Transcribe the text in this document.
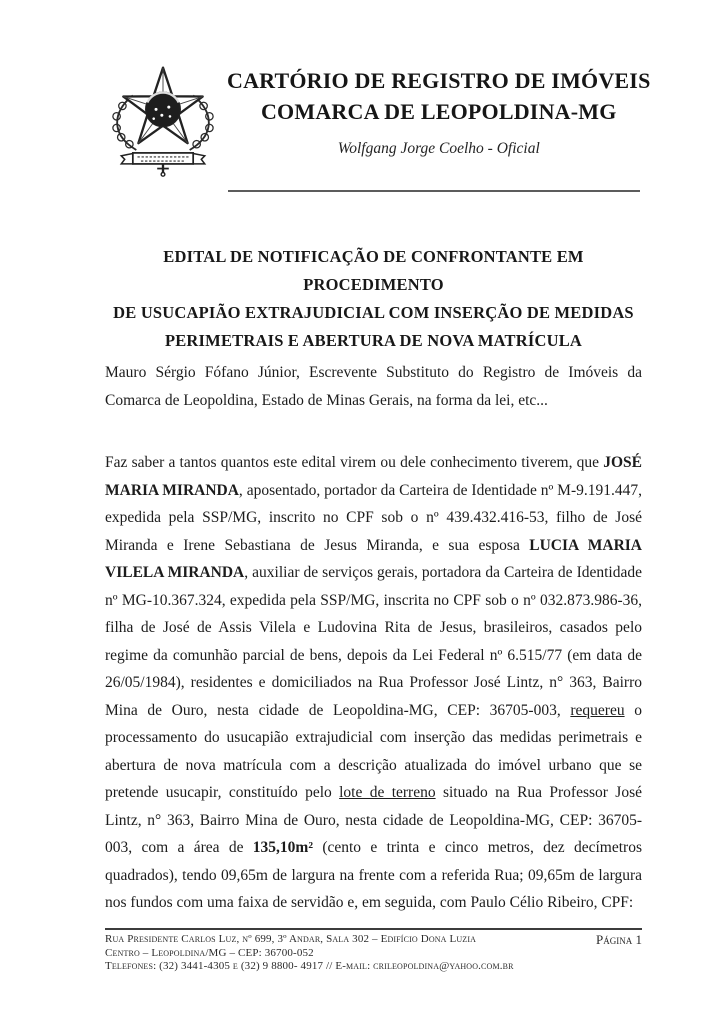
CARTÓRIO DE REGISTRO DE IMÓVEIS
COMARCA DE LEOPOLDINA-MG
Wolfgang Jorge Coelho - Oficial
EDITAL DE NOTIFICAÇÃO DE CONFRONTANTE EM PROCEDIMENTO
DE USUCAPIÃO EXTRAJUDICIAL COM INSERÇÃO DE MEDIDAS
PERIMETRAIS E ABERTURA DE NOVA MATRÍCULA

Mauro Sérgio Fófano Júnior, Escrevente Substituto do Registro de Imóveis da Comarca de Leopoldina, Estado de Minas Gerais, na forma da lei, etc...

Faz saber a tantos quantos este edital virem ou dele conhecimento tiverem, que JOSÉ MARIA MIRANDA, aposentado, portador da Carteira de Identidade nº M-9.191.447, expedida pela SSP/MG, inscrito no CPF sob o nº 439.432.416-53, filho de José Miranda e Irene Sebastiana de Jesus Miranda, e sua esposa LUCIA MARIA VILELA MIRANDA, auxiliar de serviços gerais, portadora da Carteira de Identidade nº MG-10.367.324, expedida pela SSP/MG, inscrita no CPF sob o nº 032.873.986-36, filha de José de Assis Vilela e Ludovina Rita de Jesus, brasileiros, casados pelo regime da comunhão parcial de bens, depois da Lei Federal nº 6.515/77 (em data de 26/05/1984), residentes e domiciliados na Rua Professor José Lintz, n° 363, Bairro Mina de Ouro, nesta cidade de Leopoldina-MG, CEP: 36705-003, requereu o processamento do usucapião extrajudicial com inserção das medidas perimetrais e abertura de nova matrícula com a descrição atualizada do imóvel urbano que se pretende usucapir, constituído pelo lote de terreno situado na Rua Professor José Lintz, n° 363, Bairro Mina de Ouro, nesta cidade de Leopoldina-MG, CEP: 36705-003, com a área de 135,10m² (cento e trinta e cinco metros, dez decímetros quadrados), tendo 09,65m de largura na frente com a referida Rua; 09,65m de largura nos fundos com uma faixa de servidão e, em seguida, com Paulo Célio Ribeiro, CPF:

Rua Presidente Carlos Luz, nº 699, 3º Andar, Sala 302 – Edifício Dona Luzia
Centro – Leopoldina/MG – CEP: 36700-052
Telefones: (32) 3441-4305 e (32) 9 8800- 4917 // E-mail: crileopoldina@yahoo.com.br
Página 1
